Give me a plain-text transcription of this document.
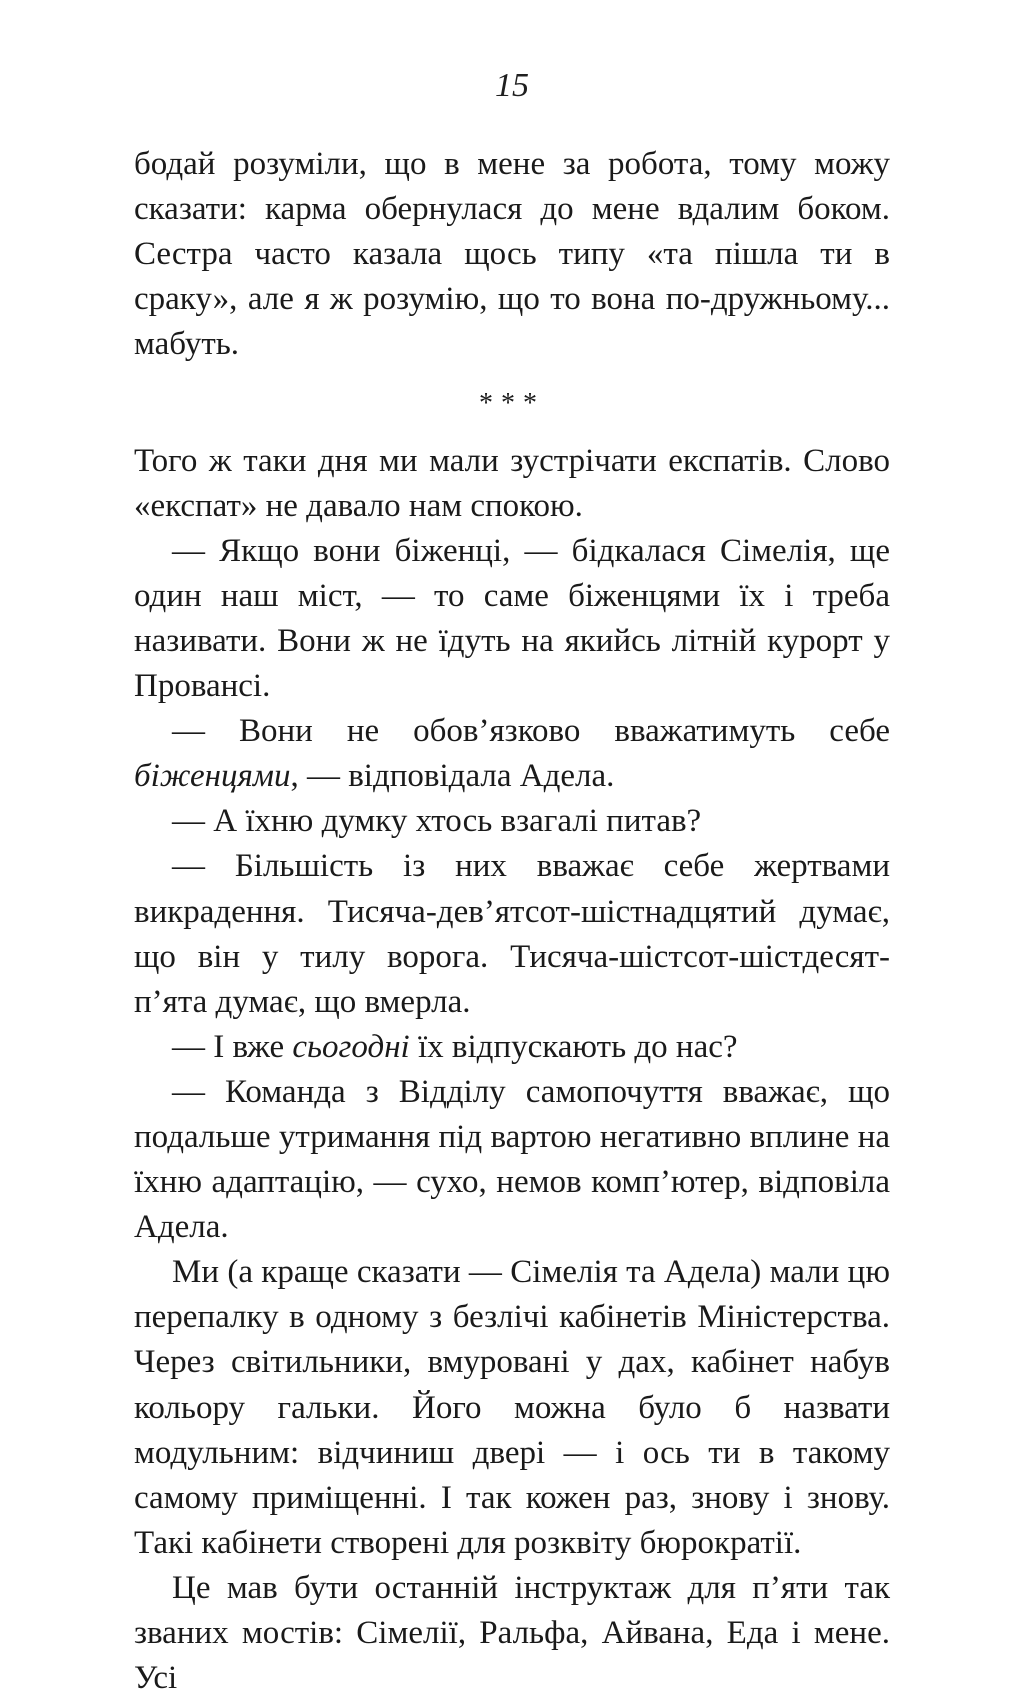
15

бодай розуміли, що в мене за робота, тому можу сказати: карма обернулася до мене вдалим боком. Сестра часто казала щось типу «та пішла ти в сраку», але я ж розумію, що то вона по-дружньому... мабуть.

***

Того ж таки дня ми мали зустрічати експатів. Слово «експат» не давало нам спокою.

— Якщо вони біженці, — бідкалася Сімелія, ще один наш міст, — то саме біженцями їх і треба називати. Вони ж не їдуть на якийсь літній курорт у Провансі.

— Вони не обов’язково вважатимуть себе біженцями, — відповідала Адела.

— А їхню думку хтось взагалі питав?

— Більшість із них вважає себе жертвами викрадення. Тисяча-дев’ятсот-шістнадцятий думає, що він у тилу ворога. Тисяча-шістсот-шістдесят-п’ята думає, що вмерла.

— І вже сьогодні їх відпускають до нас?

— Команда з Відділу самопочуття вважає, що подальше утримання під вартою негативно вплине на їхню адаптацію, — сухо, немов комп’ютер, відповіла Адела.

Ми (а краще сказати — Сімелія та Адела) мали цю перепалку в одному з безлічі кабінетів Міністерства. Через світильники, вмуровані у дах, кабінет набув кольору гальки. Його можна було б назвати модульним: відчиниш двері — і ось ти в такому самому приміщенні. І так кожен раз, знову і знову. Такі кабінети створені для розквіту бюрократії.

Це мав бути останній інструктаж для п’яти так званих мостів: Сімелії, Ральфа, Айвана, Еда і мене. Усі
